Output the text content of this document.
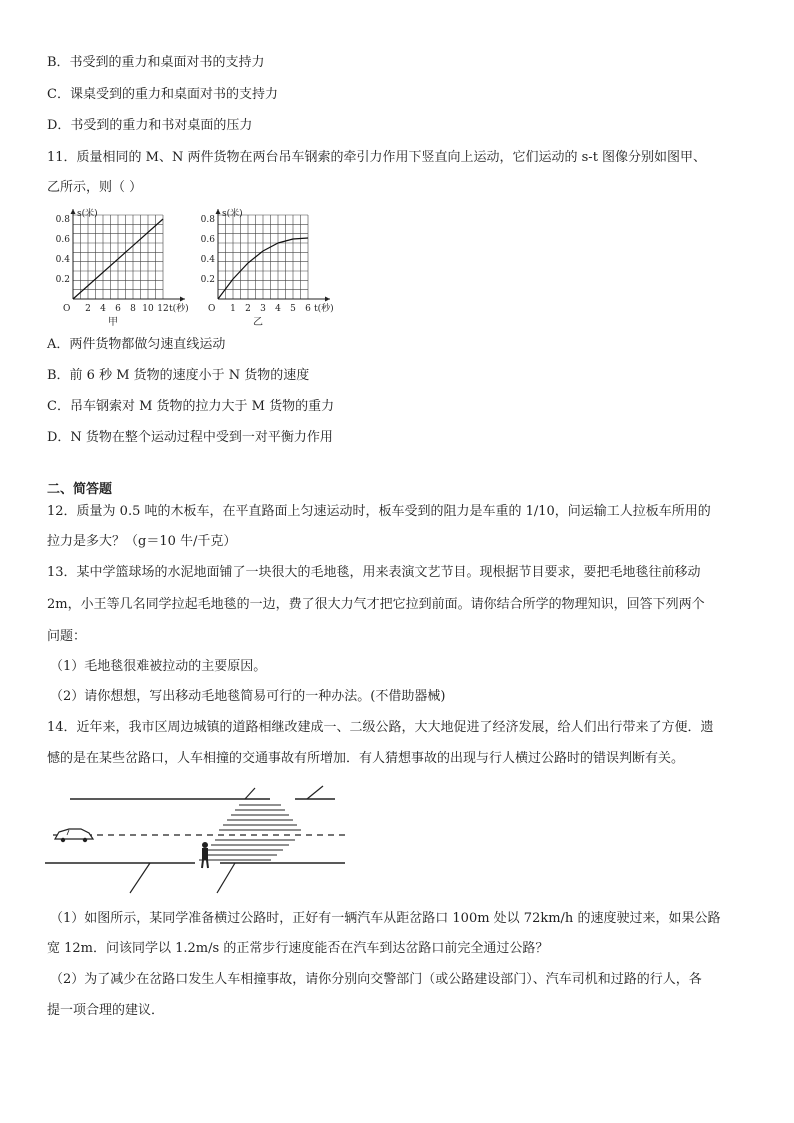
B．书受到的重力和桌面对书的支持力
C．课桌受到的重力和桌面对书的支持力
D．书受到的重力和书对桌面的压力
11．质量相同的 M、N 两件货物在两台吊车钢索的牵引力作用下竖直向上运动，它们运动的 s-t 图像分别如图甲、
乙所示，则（ ）
s(米)
t(秒)
O
0.2
0.4
0.6
0.8
2 4 6 8 10 12
甲
s(米)
t(秒)
O
0.2
0.4
0.6
0.8
1 2 3 4 5 6
乙
A．两件货物都做匀速直线运动
B．前 6 秒 M 货物的速度小于 N 货物的速度
C．吊车钢索对 M 货物的拉力大于 M 货物的重力
D．N 货物在整个运动过程中受到一对平衡力作用
二、简答题
12．质量为 0.5 吨的木板车，在平直路面上匀速运动时，板车受到的阻力是车重的 1/10，问运输工人拉板车所用的
拉力是多大？（g＝10 牛/千克）
13．某中学篮球场的水泥地面铺了一块很大的毛地毯，用来表演文艺节目。现根据节目要求，要把毛地毯往前移动
2m，小王等几名同学拉起毛地毯的一边，费了很大力气才把它拉到前面。请你结合所学的物理知识，回答下列两个
问题：
（1）毛地毯很难被拉动的主要原因。
（2）请你想想，写出移动毛地毯简易可行的一种办法。(不借助器械)
14．近年来，我市区周边城镇的道路相继改建成一、二级公路，大大地促进了经济发展，给人们出行带来了方便．遗
憾的是在某些岔路口，人车相撞的交通事故有所增加．有人猜想事故的出现与行人横过公路时的错误判断有关。
（1）如图所示，某同学准备横过公路时，正好有一辆汽车从距岔路口 100m 处以 72km/h 的速度驶过来，如果公路
宽 12m．问该同学以 1.2m/s 的正常步行速度能否在汽车到达岔路口前完全通过公路？
（2）为了减少在岔路口发生人车相撞事故，请你分别向交警部门（或公路建设部门）、汽车司机和过路的行人，各
提一项合理的建议．
